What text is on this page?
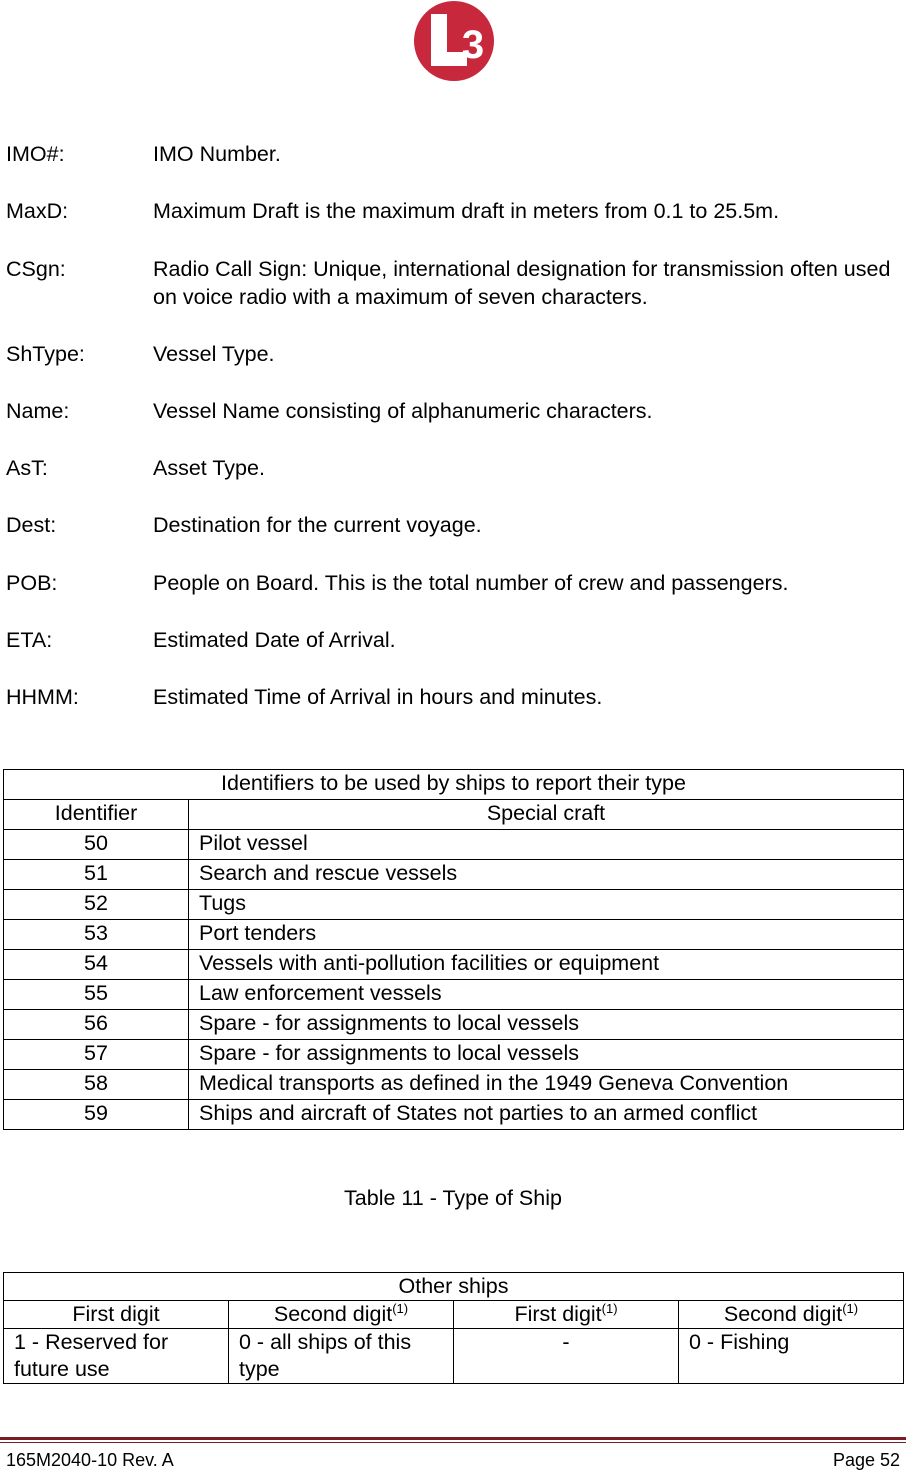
3
IMO#:	IMO Number.
MaxD:	Maximum Draft is the maximum draft in meters from 0.1 to 25.5m.
CSgn:	Radio Call Sign: Unique, international designation for transmission often used on voice radio with a maximum of seven characters.
ShType:	Vessel Type.
Name:	Vessel Name consisting of alphanumeric characters.
AsT:	Asset Type.
Dest:	Destination for the current voyage.
POB:	People on Board. This is the total number of crew and passengers.
ETA:	Estimated Date of Arrival.
HHMM:	Estimated Time of Arrival in hours and minutes.
Identifiers to be used by ships to report their type	
Identifier	Special craft
50	Pilot vessel
51	Search and rescue vessels
52	Tugs
53	Port tenders
54	Vessels with anti-pollution facilities or equipment
55	Law enforcement vessels
56	Spare - for assignments to local vessels
57	Spare - for assignments to local vessels
58	Medical transports as defined in the 1949 Geneva Convention
59	Ships and aircraft of States not parties to an armed conflict
Table 11 - Type of Ship
Other ships			
First digit	Second digit$^{(1)}$	First digit$^{(1)}$	Second digit$^{(1)}$
1 - Reserved for future use	0 - all ships of this type	-	0 - Fishing
165M2040-10 Rev. A	Page 52
